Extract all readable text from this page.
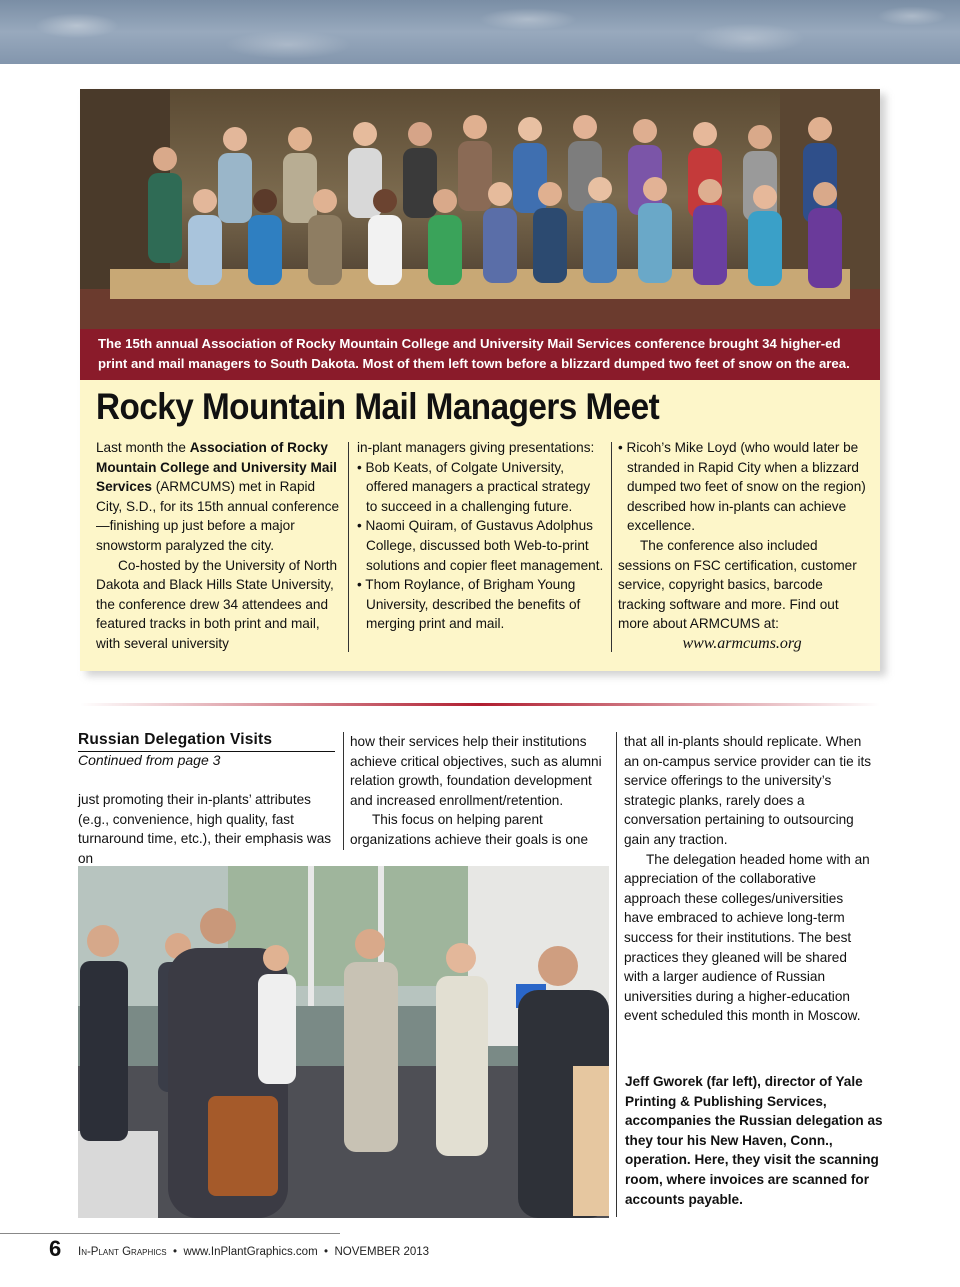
The 15th annual Association of Rocky Mountain College and University Mail Services conference brought 34 higher-ed print and mail managers to South Dakota. Most of them left town before a blizzard dumped two feet of snow on the area.
Rocky Mountain Mail Managers Meet

Last month the Association of Rocky Mountain College and University Mail Services (ARMCUMS) met in Rapid City, S.D., for its 15th annual conference—finishing up just before a major snowstorm paralyzed the city.

Co-hosted by the University of North Dakota and Black Hills State University, the conference drew 34 attendees and featured tracks in both print and mail, with several university

in-plant managers giving presentations:

• Bob Keats, of Colgate University, offered managers a practical strategy to succeed in a challenging future.

• Naomi Quiram, of Gustavus Adolphus College, discussed both Web-to-print solutions and copier fleet management.

• Thom Roylance, of Brigham Young University, described the benefits of merging print and mail.

• Ricoh’s Mike Loyd (who would later be stranded in Rapid City when a blizzard dumped two feet of snow on the region) described how in-plants can achieve excellence.

The conference also included sessions on FSC certification, customer service, copyright basics, barcode tracking software and more. Find out more about ARMCUMS at:

www.armcums.org
Russian Delegation Visits
Continued from page 3

just promoting their in-plants’ attributes (e.g., convenience, high quality, fast turnaround time, etc.), their emphasis was on

how their services help their institutions achieve critical objectives, such as alumni relation growth, foundation development and increased enrollment/retention.

This focus on helping parent organizations achieve their goals is one

that all in-plants should replicate. When an on-campus service provider can tie its service offerings to the university’s strategic planks, rarely does a conversation pertaining to outsourcing gain any traction.

The delegation headed home with an appreciation of the collaborative approach these colleges/universities have embraced to achieve long-term success for their institutions. The best practices they gleaned will be shared with a larger audience of Russian universities during a higher-education event scheduled this month in Moscow.

Jeff Gworek (far left), director of Yale Printing & Publishing Services, accompanies the Russian delegation as they tour his New Haven, Conn., operation. Here, they visit the scanning room, where invoices are scanned for accounts payable.
6 In-Plant Graphics • www.InPlantGraphics.com • NOVEMBER 2013
